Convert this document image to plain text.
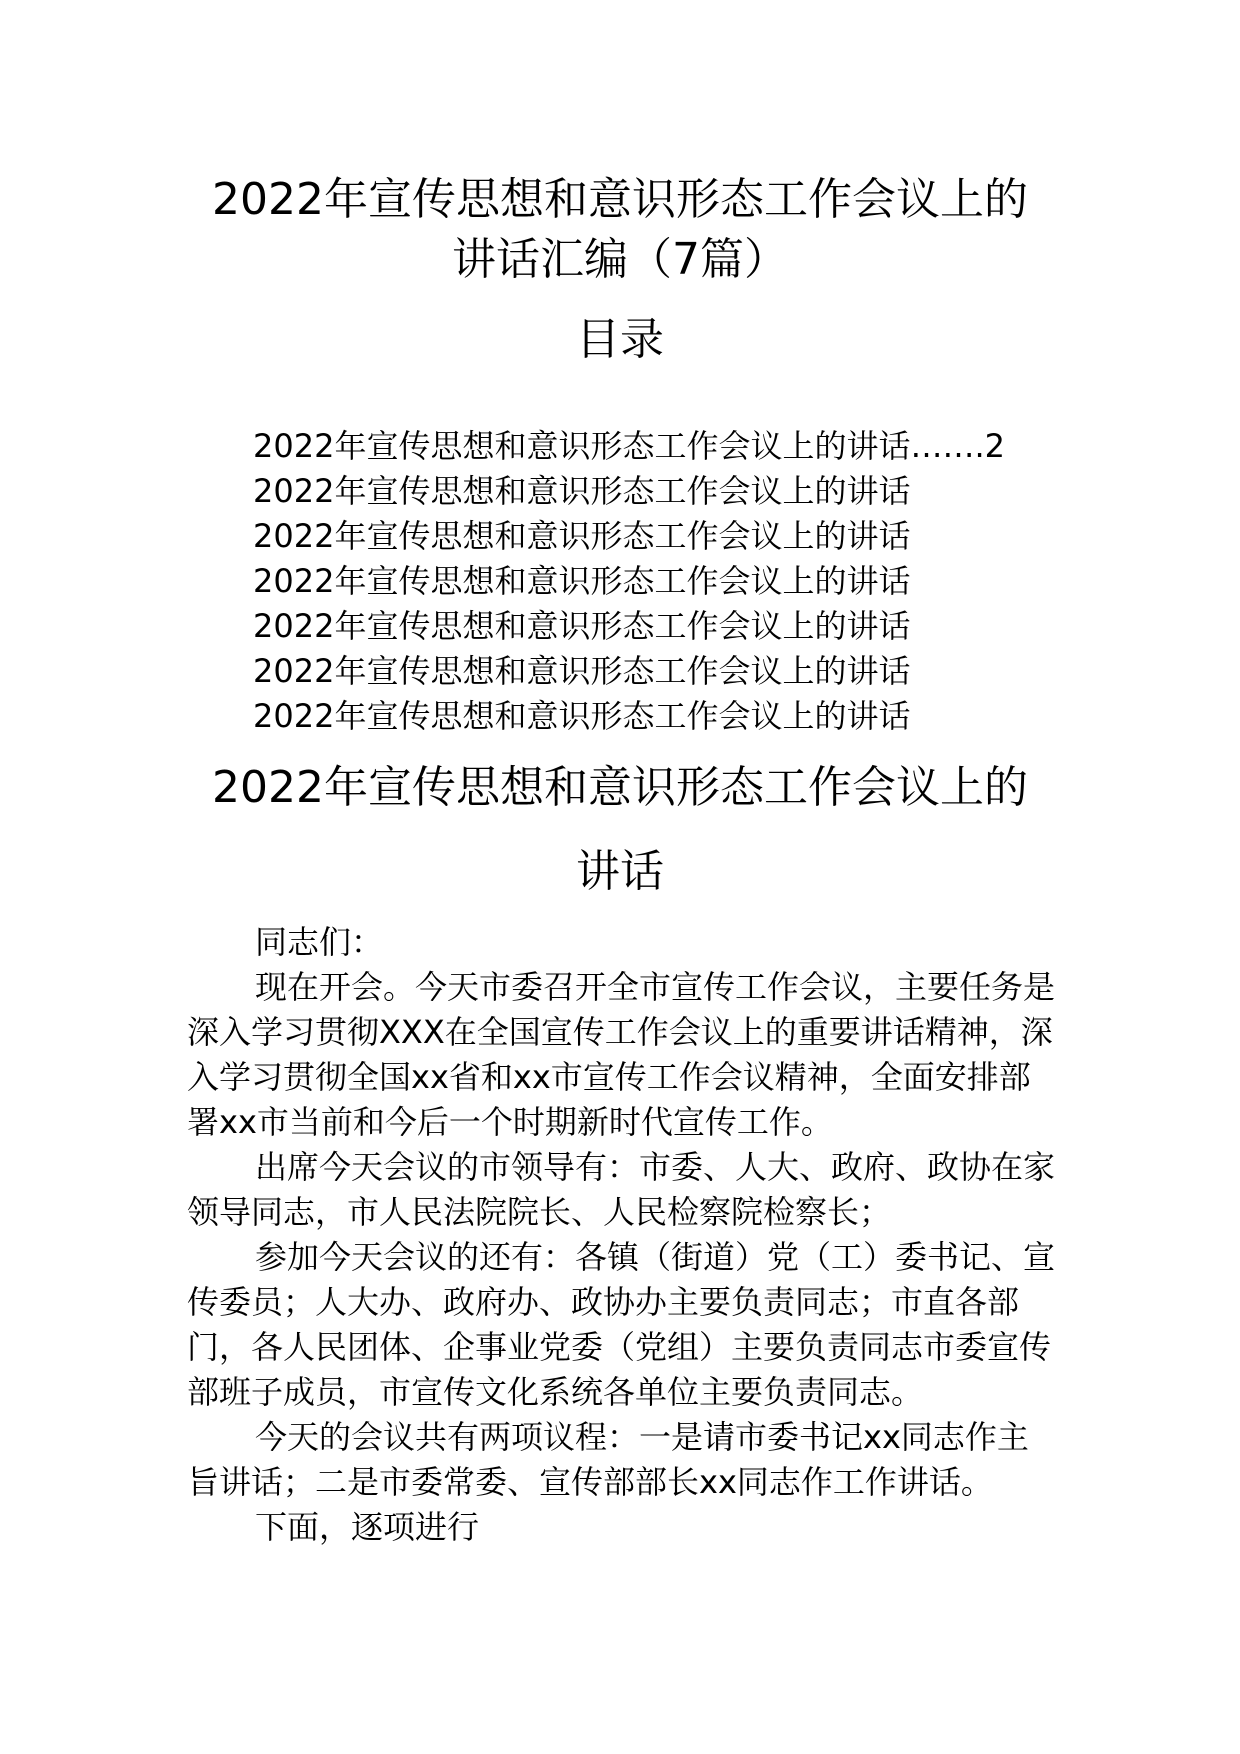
2022年宣传思想和意识形态工作会议上的
讲话汇编（7篇）
目录
2022年宣传思想和意识形态工作会议上的讲话…….2
2022年宣传思想和意识形态工作会议上的讲话
2022年宣传思想和意识形态工作会议上的讲话
2022年宣传思想和意识形态工作会议上的讲话
2022年宣传思想和意识形态工作会议上的讲话
2022年宣传思想和意识形态工作会议上的讲话
2022年宣传思想和意识形态工作会议上的讲话
2022年宣传思想和意识形态工作会议上的
讲话

同志们：

现在开会。今天市委召开全市宣传工作会议，主要任务是深入学习贯彻XXX在全国宣传工作会议上的重要讲话精神，深入学习贯彻全国xx省和xx市宣传工作会议精神，全面安排部署xx市当前和今后一个时期新时代宣传工作。

出席今天会议的市领导有：市委、人大、政府、政协在家领导同志，市人民法院院长、人民检察院检察长；

参加今天会议的还有：各镇（街道）党（工）委书记、宣传委员；人大办、政府办、政协办主要负责同志；市直各部门，各人民团体、企事业党委（党组）主要负责同志市委宣传部班子成员，市宣传文化系统各单位主要负责同志。

今天的会议共有两项议程：一是请市委书记xx同志作主旨讲话；二是市委常委、宣传部部长xx同志作工作讲话。

下面，逐项进行
